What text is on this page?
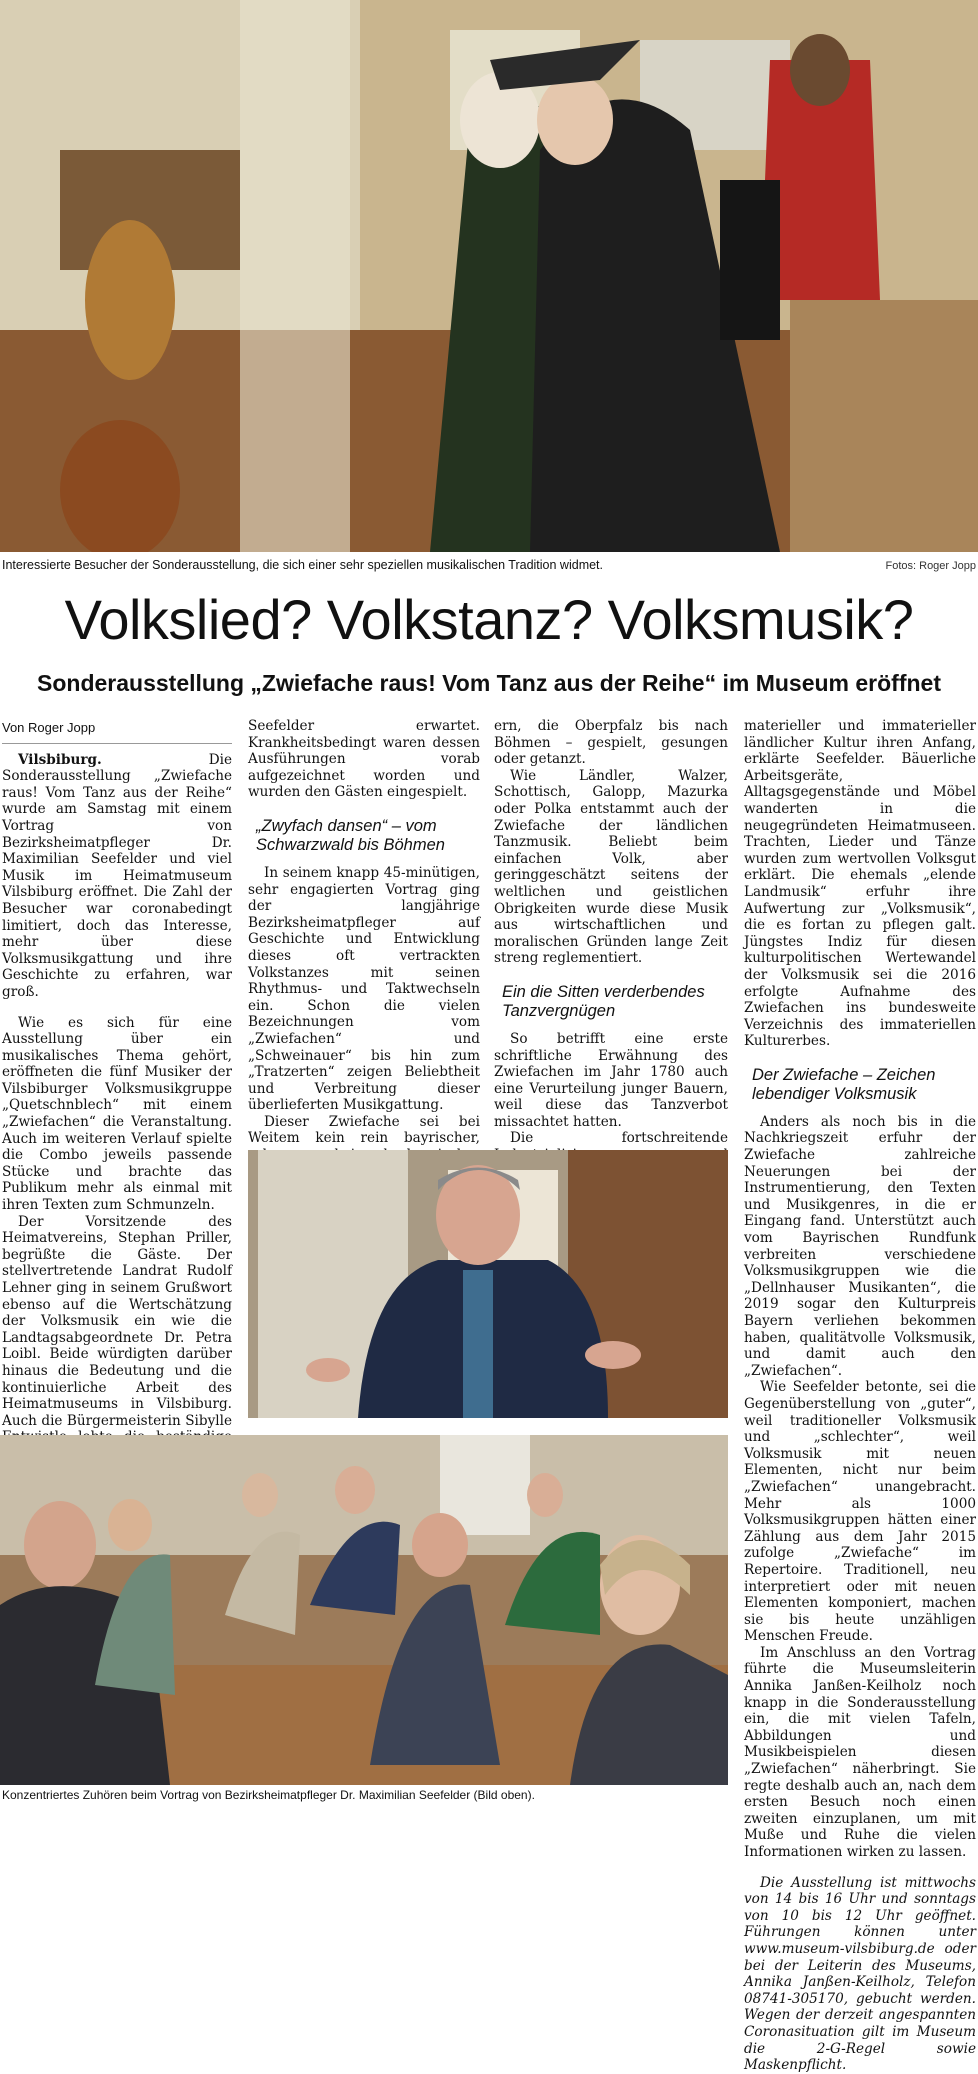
Interessierte Besucher der Sonderausstellung, die sich einer sehr speziellen musikalischen Tradition widmet.	Fotos: Roger Jopp
Volkslied? Volkstanz? Volksmusik?
Sonderausstellung „Zwiefache raus! Vom Tanz aus der Reihe“ im Museum eröffnet

Von Roger Jopp

Vilsbiburg. Die Sonderausstellung „Zwiefache raus! Vom Tanz aus der Reihe“ wurde am Samstag mit einem Vortrag von Bezirksheimatpfleger Dr. Maximilian Seefelder und viel Musik im Heimatmuseum Vilsbiburg eröffnet. Die Zahl der Besucher war coronabedingt limitiert, doch das Interesse, mehr über diese Volksmusikgattung und ihre Geschichte zu erfahren, war groß.

Wie es sich für eine Ausstellung über ein musikalisches Thema gehört, eröffneten die fünf Musiker der Vilsbiburger Volksmusikgruppe „Quetschnblech“ mit einem „Zwiefachen“ die Veranstaltung. Auch im weiteren Verlauf spielte die Combo jeweils passende Stücke und brachte das Publikum mehr als einmal mit ihren Texten zum Schmunzeln.

Der Vorsitzende des Heimatvereins, Stephan Priller, begrüßte die Gäste. Der stellvertretende Landrat Rudolf Lehner ging in seinem Grußwort ebenso auf die Wertschätzung der Volksmusik ein wie die Landtagsabgeordnete Dr. Petra Loibl. Beide würdigten darüber hinaus die Bedeutung und die kontinuierliche Arbeit des Heimatmuseums in Vilsbiburg. Auch die Bürgermeisterin Sibylle

Seefelder erwartet. Krankheitsbedingt waren dessen Ausführungen vorab aufgezeichnet worden und wurden den Gästen eingespielt.

„Zwyfach dansen“ – vom Schwarzwald bis Böhmen

In seinem knapp 45-minütigen, sehr engagierten Vortrag ging der langjährige Bezirksheimatpfleger auf Geschichte und Entwicklung dieses oft vertrackten Volkstanzes mit seinen Rhythmus- und Taktwechseln ein. Schon die vielen Bezeichnungen vom „Zwiefachen“ und „Schweinauer“ bis hin zum „Tratzerten“ zeigen Beliebtheit und Verbreitung dieser überlieferten Musikgattung.

Dieser Zwiefache sei bei Weitem kein rein bayrischer,

ern, die Oberpfalz bis nach Böhmen – gespielt, gesungen oder getanzt.

Wie Ländler, Walzer, Schottisch, Galopp, Mazurka oder Polka entstammt auch der Zwiefache der ländlichen Tanzmusik. Beliebt beim einfachen Volk, aber geringgeschätzt seitens der weltlichen und geistlichen Obrigkeiten wurde diese Musik aus wirtschaftlichen und moralischen Gründen lange Zeit streng reglementiert.

Ein die Sitten verderbendes Tanzvergnügen

So betrifft eine erste schriftliche Erwähnung des Zwiefachen im Jahr 1780 auch eine Verurteilung junger Bauern, weil diese das Tanzverbot missachtet hatten.

Die fortschreitende

Konzentriertes Zuhören beim Vortrag von Bezirksheimatpfleger Dr. Maximilian Seefelder (Bild oben).

materieller und immaterieller ländlicher Kultur ihren Anfang, erklärte Seefelder. Bäuerliche Arbeitsgeräte, Alltagsgegenstände und Möbel wanderten in die neugegründeten Heimatmuseen. Trachten, Lieder und Tänze wurden zum wertvollen Volksgut erklärt. Die ehemals „elende Landmusik“ erfuhr ihre Aufwertung zur „Volksmusik“, die es fortan zu pflegen galt. Jüngstes Indiz für diesen kulturpolitischen Wertewandel der Volksmusik sei die 2016 erfolgte Aufnahme des Zwiefachen ins bundesweite Verzeichnis des immateriellen Kulturerbes.

Der Zwiefache – Zeichen lebendiger Volksmusik

Anders als noch bis in die Nachkriegszeit erfuhr der Zwiefache zahlreiche Neuerungen bei der Instrumentierung, den Texten und Musikgenres, in die er Eingang fand. Unterstützt auch vom Bayrischen Rundfunk verbreiten verschiedene Volksmusikgruppen wie die „Dellnhauser Musikanten“, die 2019 sogar den Kulturpreis Bayern verliehen bekommen haben, qualitätvolle Volksmusik, und damit auch den „Zwiefachen“.

Wie Seefelder betonte, sei die Gegenüberstellung von „guter“, weil traditioneller Volksmusik und „schlechter“, weil Volksmusik mit neuen Elementen, nicht nur beim „Zwiefachen“ unangebracht. Mehr als 1000 Volksmusikgruppen hätten einer Zählung aus dem Jahr 2015 zufolge „Zwiefache“ im Repertoire. Traditionell, neu interpretiert oder mit neuen Elementen komponiert, machen sie bis heute unzähligen Menschen Freude.

Im Anschluss an den Vortrag führte die Museumsleiterin Annika Janßen-Keilholz noch knapp in die Sonderausstellung ein, die mit vielen Tafeln, Abbildungen und Musikbeispielen diesen „Zwiefachen“ näherbringt. Sie regte deshalb auch an, nach dem ersten Besuch noch einen zweiten einzuplanen, um mit Muße und Ruhe die vielen Informationen wirken zu lassen.

Die Ausstellung ist mittwochs von 14 bis 16 Uhr und sonntags von 10 bis 12 Uhr geöffnet. Führungen können unter www.museum-vilsbiburg.de oder bei der Leiterin des Museums, Annika Janßen-Keilholz, Telefon 08741-305170, gebucht werden. Wegen der derzeit angespannten Coronasituation gilt im Museum die 2-G-Regel sowie Maskenpflicht.
